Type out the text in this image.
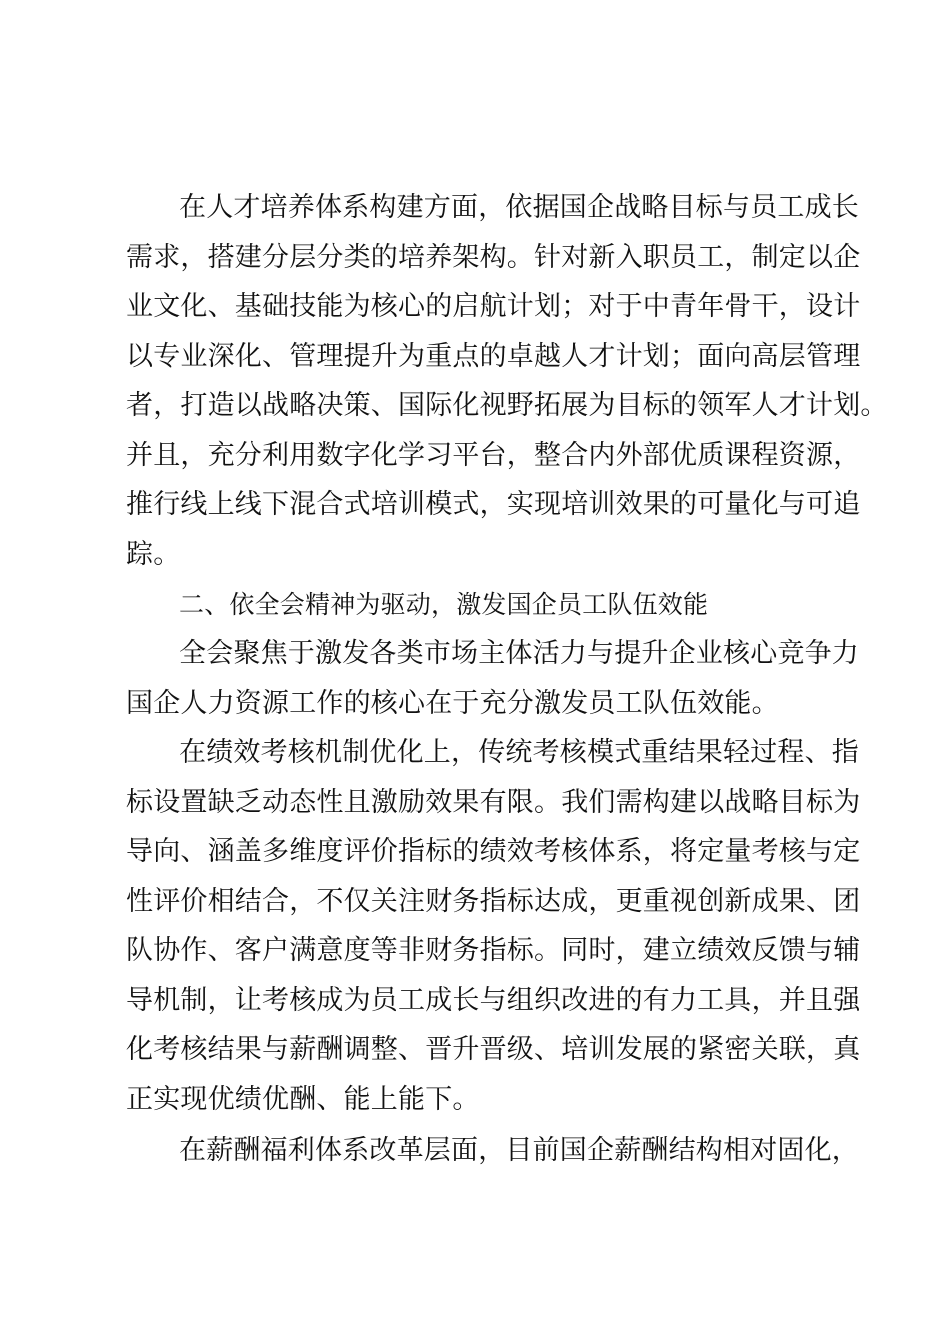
在人才培养体系构建方面，依据国企战略目标与员工成长
需求，搭建分层分类的培养架构。针对新入职员工，制定以企
业文化、基础技能为核心的启航计划；对于中青年骨干，设计
以专业深化、管理提升为重点的卓越人才计划；面向高层管理
者，打造以战略决策、国际化视野拓展为目标的领军人才计划。
并且，充分利用数字化学习平台，整合内外部优质课程资源，
推行线上线下混合式培训模式，实现培训效果的可量化与可追
踪。
二、依全会精神为驱动，激发国企员工队伍效能
全会聚焦于激发各类市场主体活力与提升企业核心竞争力
国企人力资源工作的核心在于充分激发员工队伍效能。
在绩效考核机制优化上，传统考核模式重结果轻过程、指
标设置缺乏动态性且激励效果有限。我们需构建以战略目标为
导向、涵盖多维度评价指标的绩效考核体系，将定量考核与定
性评价相结合，不仅关注财务指标达成，更重视创新成果、团
队协作、客户满意度等非财务指标。同时，建立绩效反馈与辅
导机制，让考核成为员工成长与组织改进的有力工具，并且强
化考核结果与薪酬调整、晋升晋级、培训发展的紧密关联，真
正实现优绩优酬、能上能下。
在薪酬福利体系改革层面，目前国企薪酬结构相对固化，
